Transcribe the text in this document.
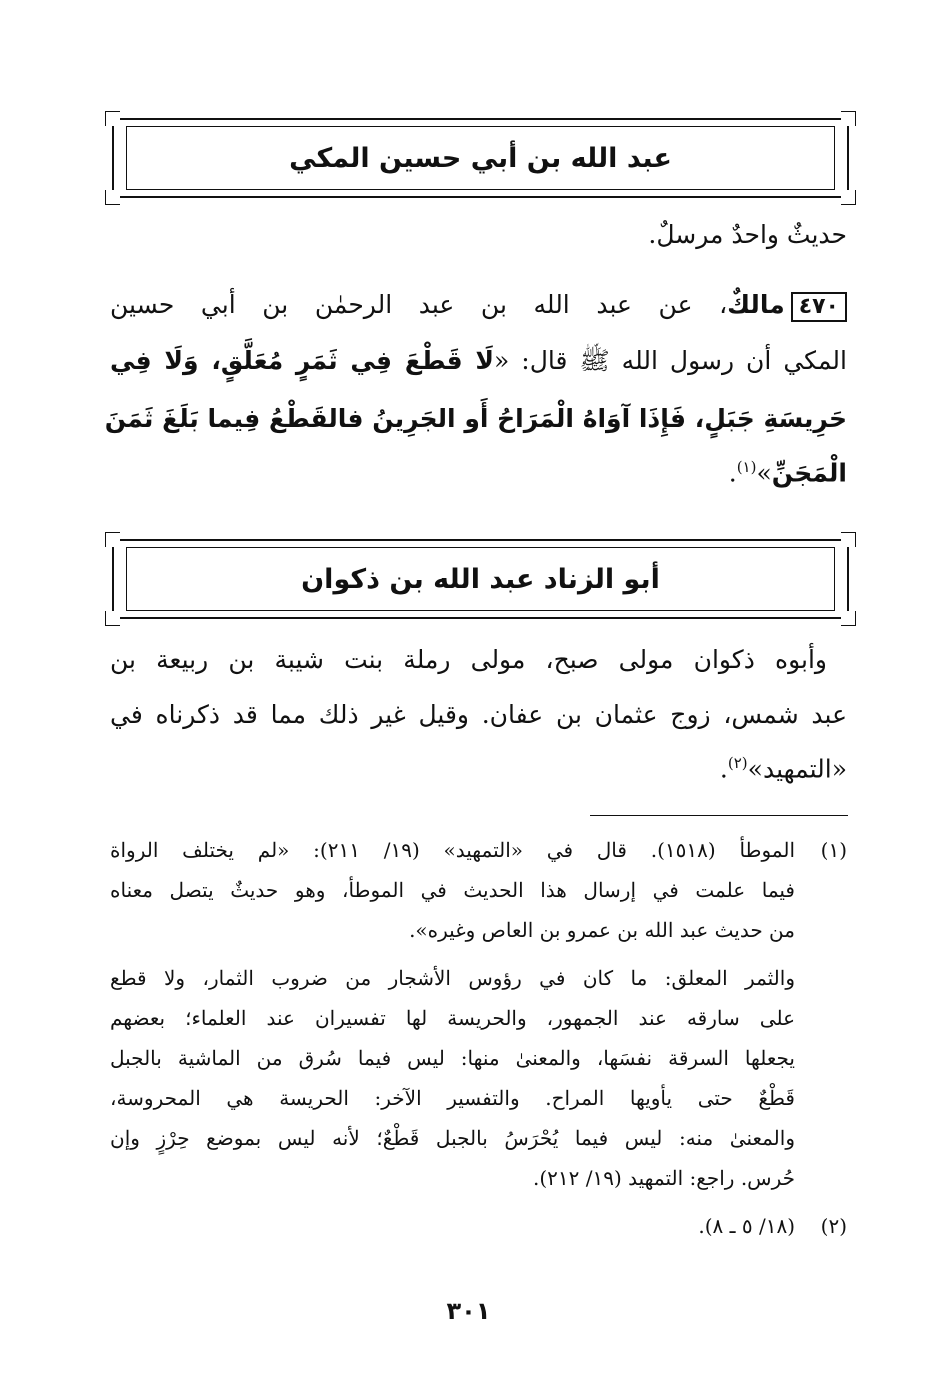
عبد الله بن أبي حسين المكي
حديثٌ واحدٌ مرسلٌ.
٤٧٠مالكٌ، عن عبد الله بن عبد الرحمٰن بن أبي حسين
المكي أن رسول الله ﷺ قال: «لَا قَطْعَ فِي ثَمَرٍ مُعَلَّقٍ، وَلَا فِي
حَرِيسَةِ جَبَلٍ، فَإِذَا آوَاهُ الْمَرَاحُ أَو الجَرِينُ فالقَطْعُ فِيما بَلَغَ ثَمَنَ
الْمَجَنِّ»$^{(١)}$.
أبو الزناد عبد الله بن ذكوان
وأبوه ذكوان مولى صبح، مولى رملة بنت شيبة بن ربيعة بن
عبد شمس، زوج عثمان بن عفان. وقيل غير ذلك مما قد ذكرناه في
«التمهيد»$^{(٢)}$.
(١)الموطأ (١٥١٨). قال في «التمهيد» (١٩/ ٢١١): «لم يختلف الرواة
فيما علمت في إرسال هذا الحديث في الموطأ، وهو حديثٌ يتصل معناه
من حديث عبد الله بن عمرو بن العاص وغيره».
والثمر المعلق: ما كان في رؤوس الأشجار من ضروب الثمار، ولا قطع
على سارقه عند الجمهور، والحريسة لها تفسيران عند العلماء؛ بعضهم
يجعلها السرقة نفسَها، والمعنىٰ منها: ليس فيما سُرق من الماشية بالجبل
قَطْعٌ حتى يأويها المراح. والتفسير الآخر: الحريسة هي المحروسة،
والمعنىٰ منه: ليس فيما يُحْرَسُ بالجبل قَطْعٌ؛ لأنه ليس بموضع حِرْزٍ وإن
حُرس. راجع: التمهيد (١٩/ ٢١٢).
(٢)(١٨/ ٥ ـ ٨).
٣٠١
